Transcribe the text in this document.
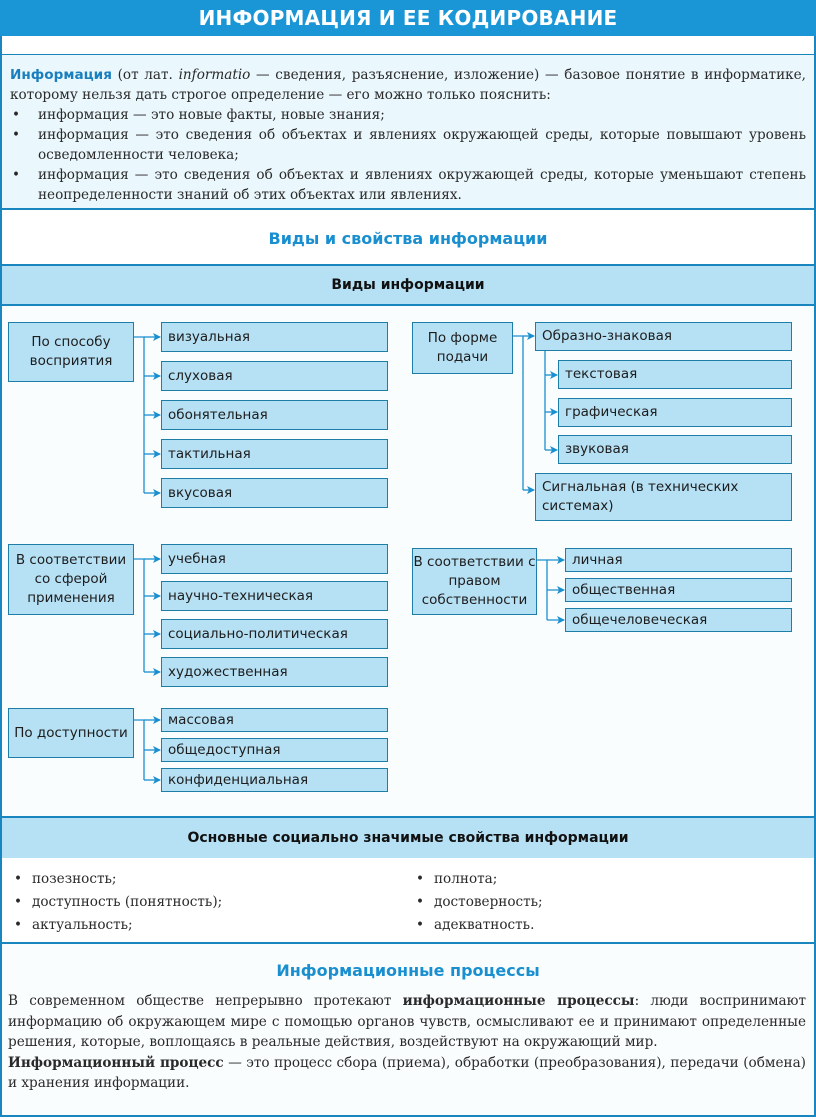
ИНФОРМАЦИЯ И ЕЕ КОДИРОВАНИЕ
Информация (от лат. informatio — сведения, разъяснение, изложение) — базовое понятие в информатике, которому нельзя дать строгое определение — его можно только пояснить:
• информация — это новые факты, новые знания;
• информация — это сведения об объектах и явлениях окружающей среды, которые повышают уровень осведомленности человека;
• информация — это сведения об объектах и явлениях окружающей среды, которые уменьшают степень неопределенности знаний об этих объектах или явлениях.
Виды и свойства информации
Виды информации
По способу восприятия
визуальная
слуховая
обонятельная
тактильная
вкусовая
По форме подачи
Образно-знаковая
текстовая
графическая
звуковая
Сигнальная (в технических системах)
В соответствии со сферой применения
учебная
научно-техническая
социально-политическая
художественная
В соответствии с правом собственности
личная
общественная
общечеловеческая
По доступности
массовая
общедоступная
конфиденциальная
Основные социально значимые свойства информации
• позезность;
• доступность (понятность);
• актуальность;
• полнота;
• достоверность;
• адекватность.
Информационные процессы
В современном обществе непрерывно протекают информационные процессы: люди воспринимают информацию об окружающем мире с помощью органов чувств, осмысливают ее и принимают определенные решения, которые, воплощаясь в реальные действия, воздействуют на окружающий мир.
Информационный процесс — это процесс сбора (приема), обработки (преобразования), передачи (обмена) и хранения информации.
